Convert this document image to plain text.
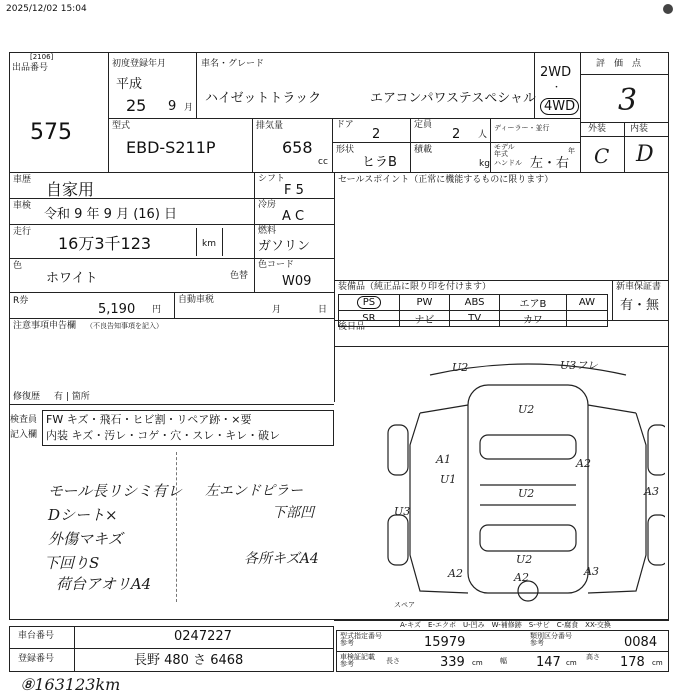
2025/12/02 15:04
[2106]
出品番号
575
初度登録年月
平成
25 9 月
車名・グレード
ハイゼットトラック	エアコンパワステスペシャル
2WD
・
4WD
評　価　点
3
外装	内装
C D
型式
EBD-S211P
排気量
658
cc
ドア
2
定員
2 人
ディーラー・並行
形状
ヒラB
積載
kg
モデル
年式	年
ハンドル 左・右
車歴 自家用
車検
令和 9 年 9 月 (16) 日
走行
16万3千123	km
色
ホワイト	色替
シフト
F 5
冷房
A C
燃料
ガソリン
色コード
W09
セールスポイント（正常に機能するものに限ります）
R券
5,190 円
自動車税
月	日
注意事項申告欄 （不良告知事項を記入）
修復歴 有 | 箇所
装備品（純正品に限り印を付けます）	新車保証書
有・無
PS	PW	ABS	エアB	AW
SR	ナビ	TV	カワ	
後日品
検査員
記入欄
FW キズ・飛石・ヒビ割・リペア跡・×要
内装 キズ・汚レ・コゲ・穴・スレ・キレ・破レ
モール長リシミ有レ
Dシート×
外傷マキズ
下回りS
荷台アオリA4
左エンドピラー
下部凹
各所キズA4
U2	U3フレ
U2
A1
U1
A2
U2	A3
U3
U2
A2	A2	A3
スペア
A-キズ　E-エクボ　U-凹み　W-補修跡　S-サビ　C-腐食　XX-交換
車台番号	0247227
登録番号	長野 480 さ 6468
型式指定番号
参考	15979	類別区分番号
参考	0084
車検証記載
参考	長さ	339 cm 幅 147 cm
高さ 178 cm
⑧163123km
